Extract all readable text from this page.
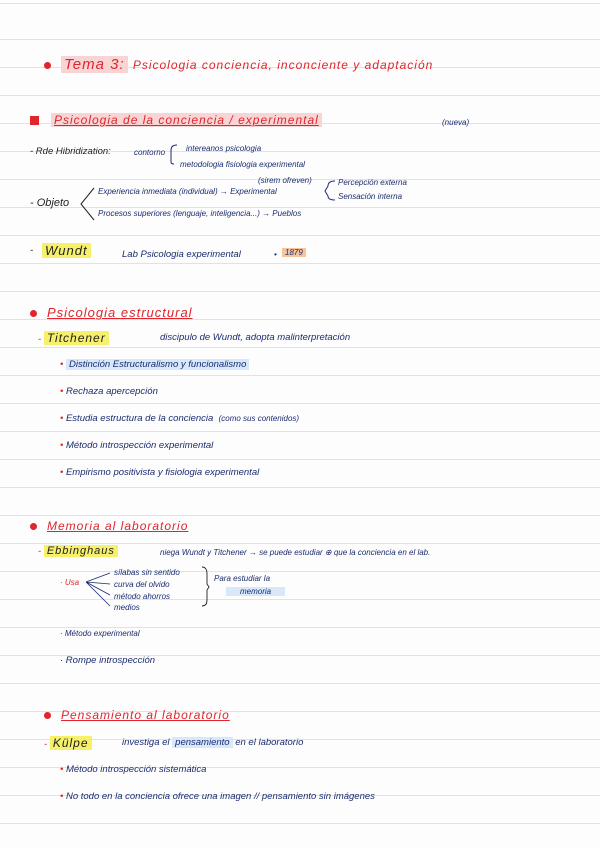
Tema 3: Psicologia conciencia, inconciente y adaptación
Psicologia de la conciencia / experimental	(nueva)
- Rde Hibridization:	contorno	intereanos psicologia
metodologia fisiologia experimental
- Objeto
(sirem ofreven)
Experiencia inmediata (individual) → Experimental
Percepción externa
Sensación interna
Procesos superiores (lenguaje, inteligencia...) → Pueblos
- Wundt	Lab Psicologia experimental	•	1879
Psicologia estructural
- Titchener	discipulo de Wundt, adopta malinterpretación
• Distinción Estructuralismo y funcionalismo
• Rechaza apercepción
• Estudia estructura de la conciencia (como sus contenidos)
• Método introspección experimental
• Empirismo positivista y fisiologia experimental
Memoria al laboratorio
- Ebbinghaus	niega Wundt y Titchener → se puede estudiar ⊕ que la conciencia en el lab.
· Usa
sílabas sin sentido
curva del olvido
método ahorros
medios
Para estudiar la
memoria
· Método experimental
· Rompe introspección
Pensamiento al laboratorio
- Külpe	investiga el pensamiento en el laboratorio
• Método introspección sistemática
• No todo en la conciencia ofrece una imagen // pensamiento sin imágenes
